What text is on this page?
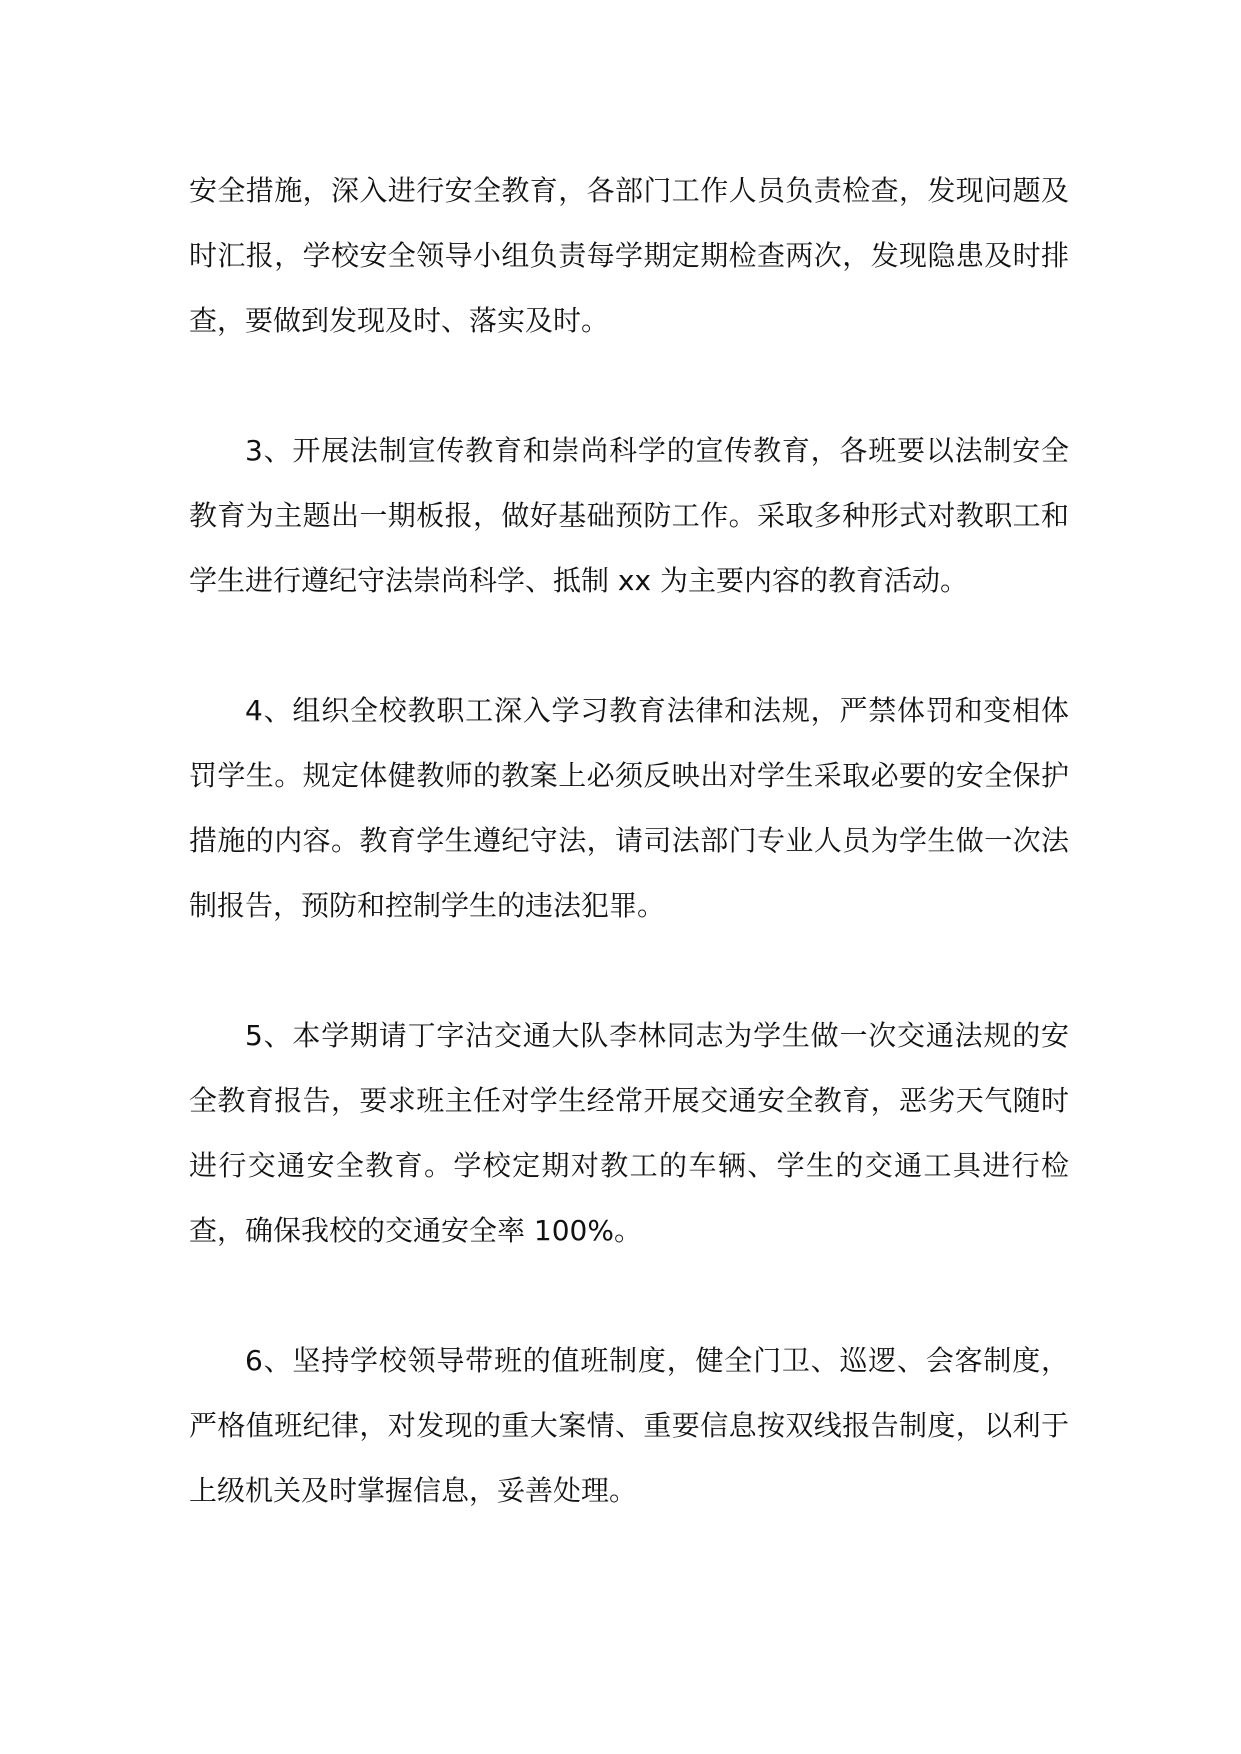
安全措施，深入进行安全教育，各部门工作人员负责检查，发现问题及时汇报，学校安全领导小组负责每学期定期检查两次，发现隐患及时排查，要做到发现及时、落实及时。

3、开展法制宣传教育和崇尚科学的宣传教育，各班要以法制安全教育为主题出一期板报，做好基础预防工作。采取多种形式对教职工和学生进行遵纪守法崇尚科学、抵制 xx 为主要内容的教育活动。

4、组织全校教职工深入学习教育法律和法规，严禁体罚和变相体罚学生。规定体健教师的教案上必须反映出对学生采取必要的安全保护措施的内容。教育学生遵纪守法，请司法部门专业人员为学生做一次法制报告，预防和控制学生的违法犯罪。

5、本学期请丁字沽交通大队李林同志为学生做一次交通法规的安全教育报告，要求班主任对学生经常开展交通安全教育，恶劣天气随时进行交通安全教育。学校定期对教工的车辆、学生的交通工具进行检查，确保我校的交通安全率 100%。

6、坚持学校领导带班的值班制度，健全门卫、巡逻、会客制度，严格值班纪律，对发现的重大案情、重要信息按双线报告制度，以利于上级机关及时掌握信息，妥善处理。
